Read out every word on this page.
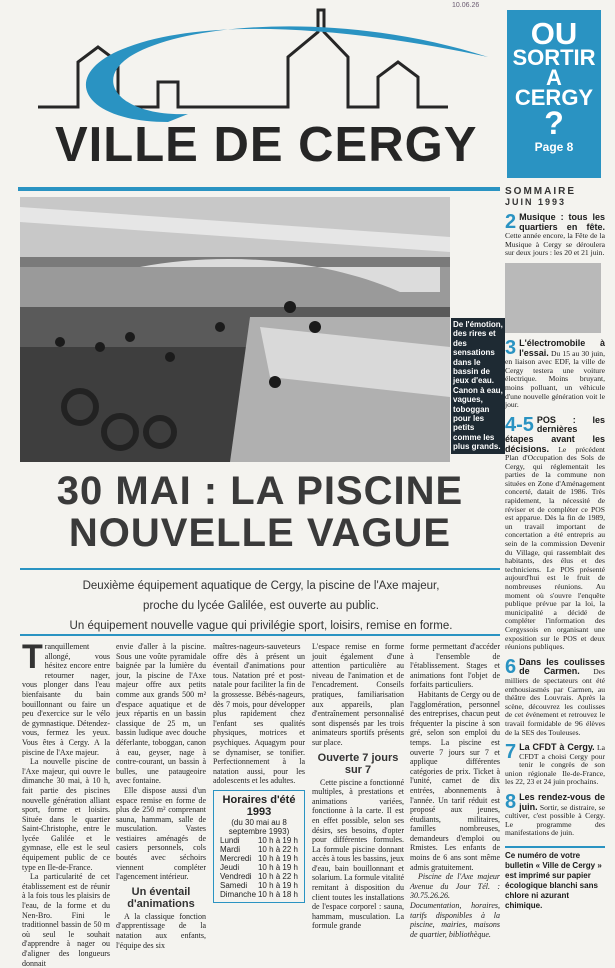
VILLE DE CERGY
10.06.26
OU
SORTIR
A
CERGY
?
Page 8
De l'émotion, des rires et des sensations dans le bassin de jeux d'eau. Canon à eau, vagues, toboggan pour les petits comme les plus grands.
30 MAI : LA PISCINE
NOUVELLE VAGUE
Deuxième équipement aquatique de Cergy, la piscine de l'Axe majeur,
proche du lycée Galilée, est ouverte au public.
Un équipement nouvelle vague qui privilégie sport, loisirs, remise en forme.
T ranquillement allongé, vous hésitez encore entre retourner nager, vous plonger dans l'eau bienfaisante du bain bouillonnant ou faire un peu d'exercice sur le vélo de gymnastique. Détendez-vous, fermez les yeux. Vous êtes à Cergy. A la piscine de l'Axe majeur.

La nouvelle piscine de l'Axe majeur, qui ouvre le dimanche 30 mai, à 10 h, fait partie des piscines nouvelle génération alliant sport, forme et loisirs. Située dans le quartier Saint-Christophe, entre le lycée Galilée et le gymnase, elle est le seul équipement public de ce type en Ile-de-France.

La particularité de cet établissement est de réunir à la fois tous les plaisirs de l'eau, de la forme et du Nen-Bro. Fini le traditionnel bassin de 50 m où seul le souhait d'apprendre à nager ou d'aligner des longueurs donnait

envie d'aller à la piscine. Sous une voûte pyramidale baignée par la lumière du jour, la piscine de l'Axe majeur offre aux petits comme aux grands 500 m² d'espace aquatique et de jeux répartis en un bassin classique de 25 m, un bassin ludique avec douche déferlante, toboggan, canon à eau, geyser, nage à contre-courant, un bassin à bulles, une pataugeoire avec fontaine.

Elle dispose aussi d'un espace remise en forme de plus de 250 m² comprenant sauna, hammam, salle de musculation. Vastes vestiaires aménagés de casiers personnels, cols boutés avec séchoirs viennent compléter l'agencement intérieur.

Un éventail d'animations

A la classique fonction d'apprentissage de la natation aux enfants, l'équipe des six

maîtres-nageurs-sauveteurs offre dès à présent un éventail d'animations pour tous. Natation pré et post-natale pour faciliter la fin de la grossesse. Bébés-nageurs, dès 7 mois, pour développer plus rapidement chez l'enfant ses qualités physiques, motrices et psychiques. Aquagym pour se dynamiser, se tonifier. Perfectionnement à la natation aussi, pour les adolescents et les adultes.

Horaires d'été 1993
(du 30 mai au 8 septembre 1993)
Lundi	10 h à 19 h
Mardi	10 h à 22 h
Mercredi	10 h à 19 h
Jeudi	10 h à 19 h
Vendredi	10 h à 22 h
Samedi	10 h à 19 h
Dimanche	10 h à 18 h

L'espace remise en forme jouit également d'une attention particulière au niveau de l'animation et de l'encadrement. Conseils pratiques, familiarisation aux appareils, plan d'entraînement personnalisé sont dispensés par les trois animateurs sportifs présents sur place.

Ouverte 7 jours sur 7

Cette piscine a fonctionné multiples, à prestations et animations variées, fonctionne à la carte. Il est en effet possible, selon ses désirs, ses besoins, d'opter pour différentes formules. La formule piscine donnant accès à tous les bassins, jeux d'eau, bain bouillonnant et solarium. La formule vitalité remitant à disposition du client toutes les installations de l'espace corporel : sauna, hammam, musculation. La formule grande

forme permettant d'accéder à l'ensemble de l'établissement. Stages et animations font l'objet de forfaits particuliers.

Habitants de Cergy ou de l'agglomération, personnel des entreprises, chacun peut fréquenter la piscine à son gré, selon son emploi du temps. La piscine est ouverte 7 jours sur 7 et applique différentes catégories de prix. Ticket à l'unité, carnet de dix entrées, abonnements à l'année. Un tarif réduit est proposé aux jeunes, étudiants, militaires, familles nombreuses, demandeurs d'emploi ou Rmistes. Les enfants de moins de 6 ans sont même admis gratuitement.

Piscine de l'Axe majeur Avenue du Jour Tél. : 30.75.26.26. Documentation, horaires, tarifs disponibles à la piscine, mairies, maisons de quartier, bibliothèque.

SOMMAIRE
JUIN 1993
2 Musique : tous les quartiers en fête. Cette année encore, la Fête de la Musique à Cergy se déroulera sur deux jours : les 20 et 21 juin.
3 L'électromobile à l'essai. Du 15 au 30 juin, en liaison avec EDF, la ville de Cergy testera une voiture électrique. Moins bruyant, moins polluant, un véhicule d'une nouvelle génération voit le jour.
4-5 POS : les dernières étapes avant les décisions. Le précédent Plan d'Occupation des Sols de Cergy, qui réglementait les parties de la commune non situées en Zone d'Aménagement concerté, datait de 1986. Très rapidement, la nécessité de réviser et de compléter ce POS est apparue. Dès la fin de 1989, un travail important de concertation a été entrepris au sein de la commission Devenir du Village, qui rassemblait des habitants, des élus et des techniciens. Le POS présenté aujourd'hui est le fruit de nombreuses réunions. Au moment où s'ouvre l'enquête publique prévue par la loi, la municipalité a décidé de compléter l'information des Cergyssois en organisant une exposition sur le POS et deux réunions publiques.
6 Dans les coulisses de Carmen. Des milliers de spectateurs ont été enthousiasmés par Carmen, au théâtre des Louvrais. Après la scène, découvrez les coulisses de cet événement et retrouvez le travail formidable de 96 élèves de la SES des Touleuses.
7 La CFDT à Cergy. La CFDT a choisi Cergy pour tenir le congrès de son union régionale Ile-de-France, les 22, 23 et 24 juin prochains.
8 Les rendez-vous de juin. Sortir, se distraire, se cultiver, c'est possible à Cergy. Le programme des manifestations de juin.
Ce numéro de votre bulletin « Ville de Cergy » est imprimé sur papier écologique blanchi sans chlore ni azurant chimique.
